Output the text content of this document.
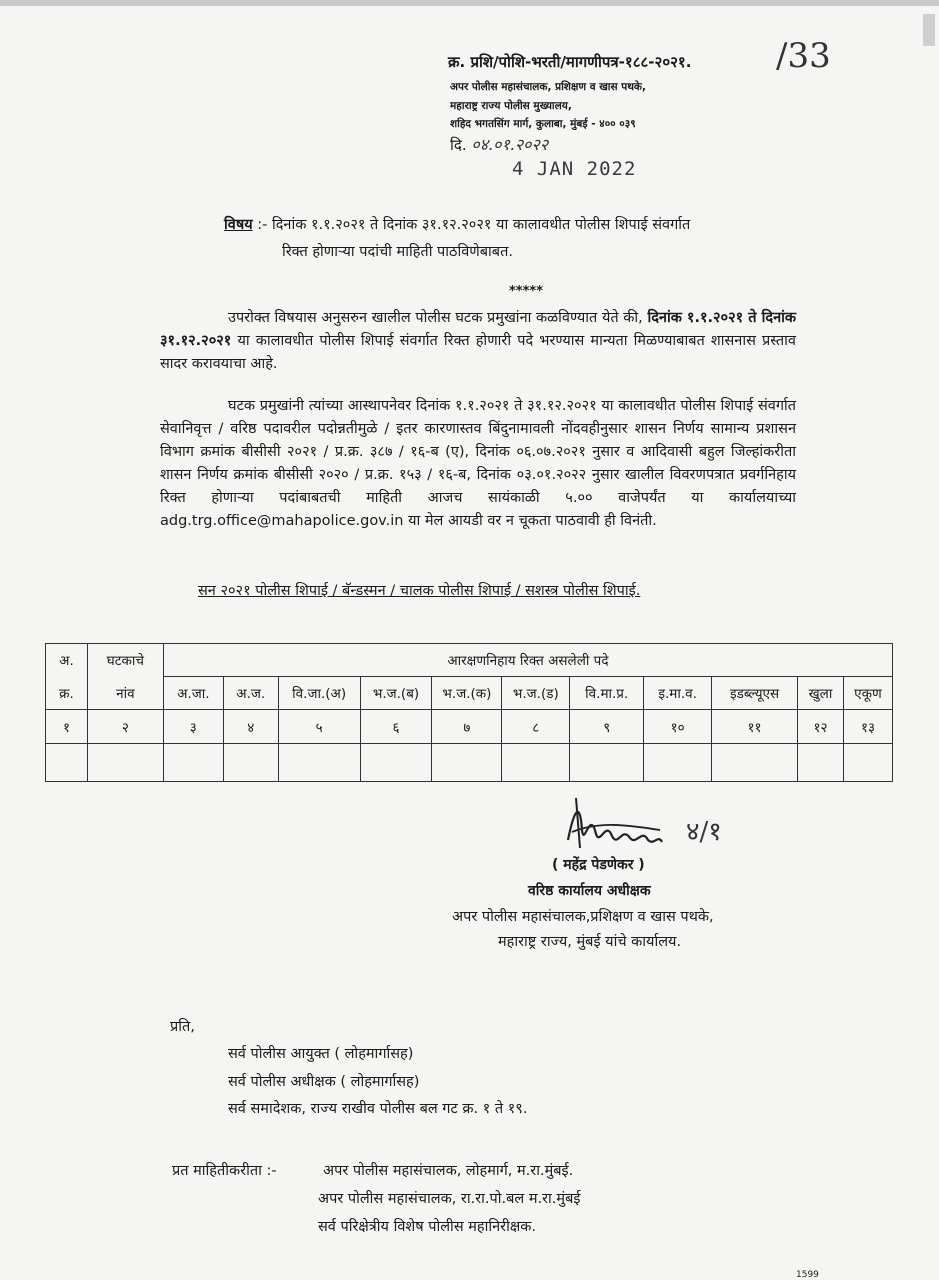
क्र. प्रशि/पोशि-भरती/मागणीपत्र-१८८-२०२१. /33
अपर पोलीस महासंचालक, प्रशिक्षण व खास पथके,
महाराष्ट्र राज्य पोलीस मुख्यालय,
शहिद भगतसिंग मार्ग, कुलाबा, मुंबई - ४०० ०३९
दि. ०४.०१.२०२२
4 JAN 2022
विषय :- दिनांक १.१.२०२१ ते दिनांक ३१.१२.२०२१ या कालावधीत पोलीस शिपाई संवर्गात
रिक्त होणाऱ्या पदांची माहिती पाठविणेबाबत.
*****
उपरोक्त विषयास अनुसरुन खालील पोलीस घटक प्रमुखांना कळविण्यात येते की, दिनांक १.१.२०२१ ते दिनांक ३१.१२.२०२१ या कालावधीत पोलीस शिपाई संवर्गात रिक्त होणारी पदे भरण्यास मान्यता मिळण्याबाबत शासनास प्रस्ताव सादर करावयाचा आहे.
घटक प्रमुखांनी त्यांच्या आस्थापनेवर दिनांक १.१.२०२१ ते ३१.१२.२०२१ या कालावधीत पोलीस शिपाई संवर्गात सेवानिवृत्त / वरिष्ठ पदावरील पदोन्नतीमुळे / इतर कारणास्तव बिंदुनामावली नोंदवहीनुसार शासन निर्णय सामान्य प्रशासन विभाग क्रमांक बीसीसी २०२१ / प्र.क्र. ३८७ / १६-ब (ए), दिनांक ०६.०७.२०२१ नुसार व आदिवासी बहुल जिल्हांकरीता शासन निर्णय क्रमांक बीसीसी २०२० / प्र.क्र. १५३ / १६-ब, दिनांक ०३.०१.२०२२ नुसार खालील विवरणपत्रात प्रवर्गनिहाय रिक्त होणाऱ्या पदांबाबतची माहिती आजच सायंकाळी ५.०० वाजेपर्यंत या कार्यालयाच्या adg.trg.office@mahapolice.gov.in या मेल आयडी वर न चूकता पाठवावी ही विनंती.
सन २०२१ पोलीस शिपाई / बॅन्डस्मन / चालक पोलीस शिपाई / सशस्त्र पोलीस शिपाई.
अ.	घटकाचे	आरक्षणनिहाय रिक्त असलेली पदे										
क्र.	नांव	अ.जा.	अ.ज.	वि.जा.(अ)	भ.ज.(ब)	भ.ज.(क)	भ.ज.(ड)	वि.मा.प्र.	इ.मा.व.	इडब्ल्यूएस	खुला	एकूण
१	२	३	४	५	६	७	८	९	१०	११	१२	१३

४/१
( महेंद्र पेडणेकर )
वरिष्ठ कार्यालय अधीक्षक
अपर पोलीस महासंचालक,प्रशिक्षण व खास पथके,
महाराष्ट्र राज्य, मुंबई यांचे कार्यालय.
प्रति,
सर्व पोलीस आयुक्त ( लोहमार्गासह)
सर्व पोलीस अधीक्षक ( लोहमार्गासह)
सर्व समादेशक, राज्य राखीव पोलीस बल गट क्र. १ ते १९.
प्रत माहितीकरीता :-	अपर पोलीस महासंचालक, लोहमार्ग, म.रा.मुंबई.
अपर पोलीस महासंचालक, रा.रा.पो.बल म.रा.मुंबई
सर्व परिक्षेत्रीय विशेष पोलीस महानिरीक्षक.
1599
